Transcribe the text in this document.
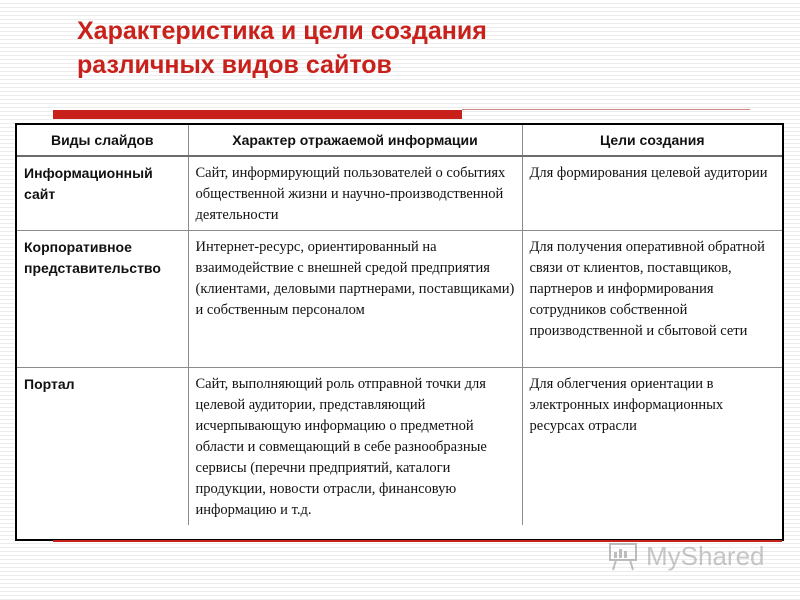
Характеристика и цели создания
различных видов сайтов
Виды слайдов	Характер отражаемой информации	Цели создания
Информационный сайт	Сайт, информирующий пользователей о событиях общественной жизни и научно-производственной деятельности	Для формирования целевой аудитории
Корпоративное представительство	Интернет-ресурс, ориентированный на взаимодействие с внешней средой предприятия (клиентами, деловыми партнерами, поставщиками) и собственным персоналом	Для получения оперативной обратной связи от клиентов, поставщиков, партнеров и информирования сотрудников собственной производственной и сбытовой сети
Портал	Сайт, выполняющий роль отправной точки для целевой аудитории, представляющий исчерпывающую информацию о предметной области и совмещающий в себе разнообразные сервисы (перечни предприятий, каталоги продукции, новости отрасли, финансовую информацию и т.д.	Для облегчения ориентации в электронных информационных ресурсах отрасли
MyShared
